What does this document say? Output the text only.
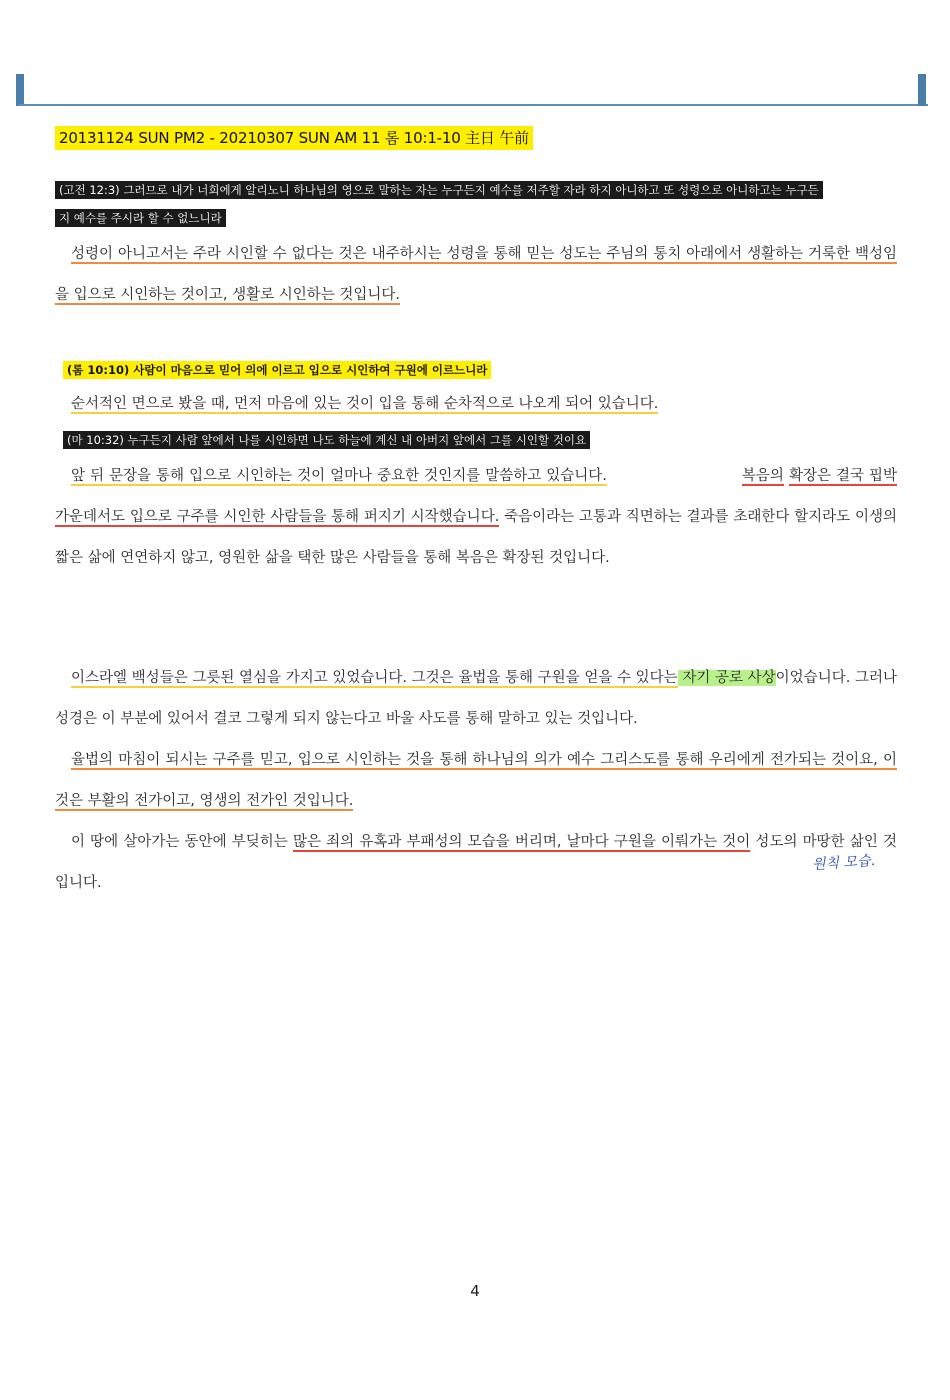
20131124 SUN PM2 - 20210307 SUN AM 11 롬 10:1-10 主日 午前
(고전 12:3) 그러므로 내가 너희에게 알리노니 하나님의 영으로 말하는 자는 누구든지 예수를 저주할 자라 하지 아니하고 또 성령으로 아니하고는 누구든
지 예수를 주시라 할 수 없느니라
성령이 아니고서는 주라 시인할 수 없다는 것은 내주하시는 성령을 통해 믿는 성도는 주님의 통치 아래에서 생활하는 거룩한 백성임을 입으로 시인하는 것이고, 생활로 시인하는 것입니다.
(롬 10:10) 사람이 마음으로 믿어 의에 이르고 입으로 시인하여 구원에 이르느니라
순서적인 면으로 봤을 때, 먼저 마음에 있는 것이 입을 통해 순차적으로 나오게 되어 있습니다.
(마 10:32) 누구든지 사람 앞에서 나를 시인하면 나도 하늘에 계신 내 아버지 앞에서 그를 시인할 것이요
앞 뒤 문장을 통해 입으로 시인하는 것이 얼마나 중요한 것인지를 말씀하고 있습니다.	복음의 확장은 결국 핍박 가운데서도 입으로 구주를 시인한 사람들을 통해 퍼지기 시작했습니다. 죽음이라는 고통과 직면하는 결과를 초래한다 할지라도 이생의 짧은 삶에 연연하지 않고, 영원한 삶을 택한 많은 사람들을 통해 복음은 확장된 것입니다.
이스라엘 백성들은 그릇된 열심을 가지고 있었습니다. 그것은 율법을 통해 구원을 얻을 수 있다는 자기 공로 사상이었습니다. 그러나 성경은 이 부분에 있어서 결코 그렇게 되지 않는다고 바울 사도를 통해 말하고 있는 것입니다.
율법의 마침이 되시는 구주를 믿고, 입으로 시인하는 것을 통해 하나님의 의가 예수 그리스도를 통해 우리에게 전가되는 것이요, 이것은 부활의 전가이고, 영생의 전가인 것입니다.
이 땅에 살아가는 동안에 부딪히는 많은 죄의 유혹과 부패성의 모습을 버리며, 날마다 구원을 이뤄가는 것이 성도의 마땅한 삶인 것입니다.
원칙 모습.
4
